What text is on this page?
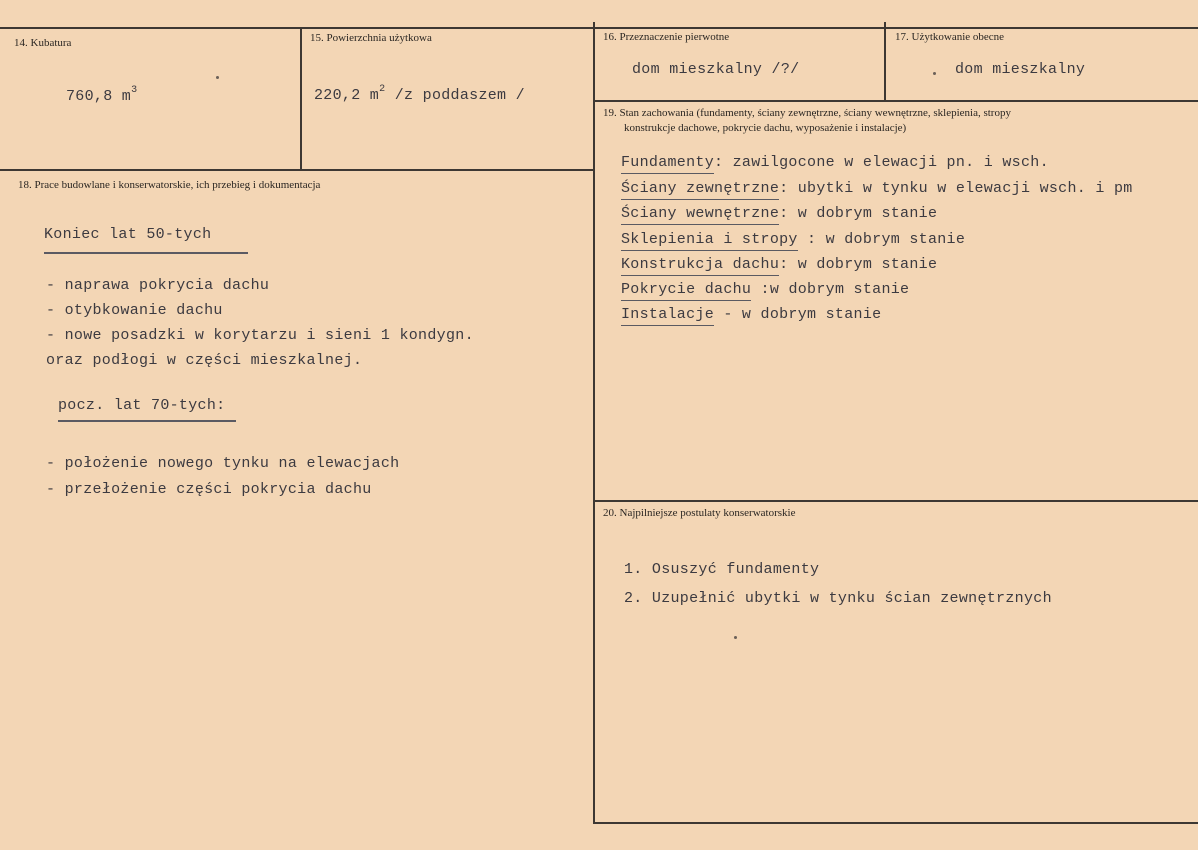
14. Kubatura
760,8 $m^3$
15. Powierzchnia użytkowa
220,2 $m^2$ /z poddaszem /
16. Przeznaczenie pierwotne
dom mieszkalny /?/
17. Użytkowanie obecne
dom mieszkalny
18. Prace budowlane i konserwatorskie, ich przebieg i dokumentacja
Koniec lat 50-tych
- naprawa pokrycia dachu
- otybkowanie dachu
- nowe posadzki w korytarzu i sieni 1 kondygn.
oraz podłogi w części mieszkalnej.
pocz. lat 70-tych:
- położenie nowego tynku na elewacjach
- przełożenie części pokrycia dachu
19. Stan zachowania (fundamenty, ściany zewnętrzne, ściany wewnętrzne, sklepienia, stropy
konstrukcje dachowe, pokrycie dachu, wyposażenie i instalacje)
Fundamenty: zawilgocone w elewacji pn. i wsch.
Ściany zewnętrzne: ubytki w tynku w elewacji wsch. i pm
Ściany wewnętrzne: w dobrym stanie
Sklepienia i stropy : w dobrym stanie
Konstrukcja dachu: w dobrym stanie
Pokrycie dachu :w dobrym stanie
Instalacje - w dobrym stanie
20. Najpilniejsze postulaty konserwatorskie
1. Osuszyć fundamenty
2. Uzupełnić ubytki w tynku ścian zewnętrznych
